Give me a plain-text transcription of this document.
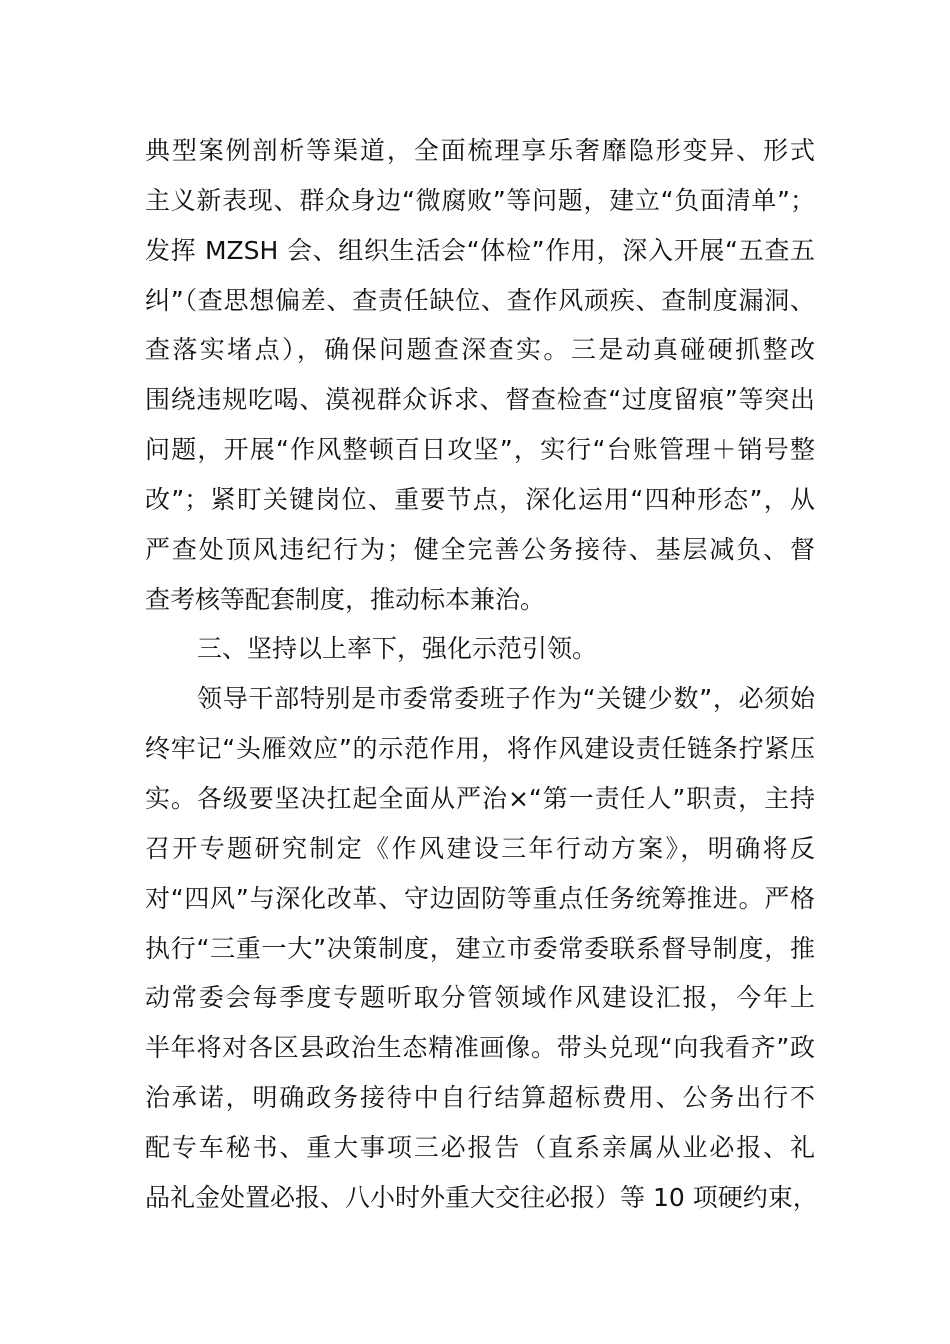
典型案例剖析等渠道，全面梳理享乐奢靡隐形变异、形式
主义新表现、群众身边“微腐败”等问题，建立“负面清单”；
发挥 MZSH 会、组织生活会“体检”作用，深入开展“五查五
纠”（查思想偏差、查责任缺位、查作风顽疾、查制度漏洞、
查落实堵点），确保问题查深查实。三是动真碰硬抓整改
围绕违规吃喝、漠视群众诉求、督查检查“过度留痕”等突出
问题，开展“作风整顿百日攻坚”，实行“台账管理＋销号整
改”；紧盯关键岗位、重要节点，深化运用“四种形态”，从
严查处顶风违纪行为；健全完善公务接待、基层减负、督
查考核等配套制度，推动标本兼治。
三、坚持以上率下，强化示范引领。
领导干部特别是市委常委班子作为“关键少数”，必须始
终牢记“头雁效应”的示范作用，将作风建设责任链条拧紧压
实。各级要坚决扛起全面从严治×“第一责任人”职责，主持
召开专题研究制定《作风建设三年行动方案》，明确将反
对“四风”与深化改革、守边固防等重点任务统筹推进。严格
执行“三重一大”决策制度，建立市委常委联系督导制度，推
动常委会每季度专题听取分管领域作风建设汇报，今年上
半年将对各区县政治生态精准画像。带头兑现“向我看齐”政
治承诺，明确政务接待中自行结算超标费用、公务出行不
配专车秘书、重大事项三必报告（直系亲属从业必报、礼
品礼金处置必报、八小时外重大交往必报）等 10 项硬约束，
